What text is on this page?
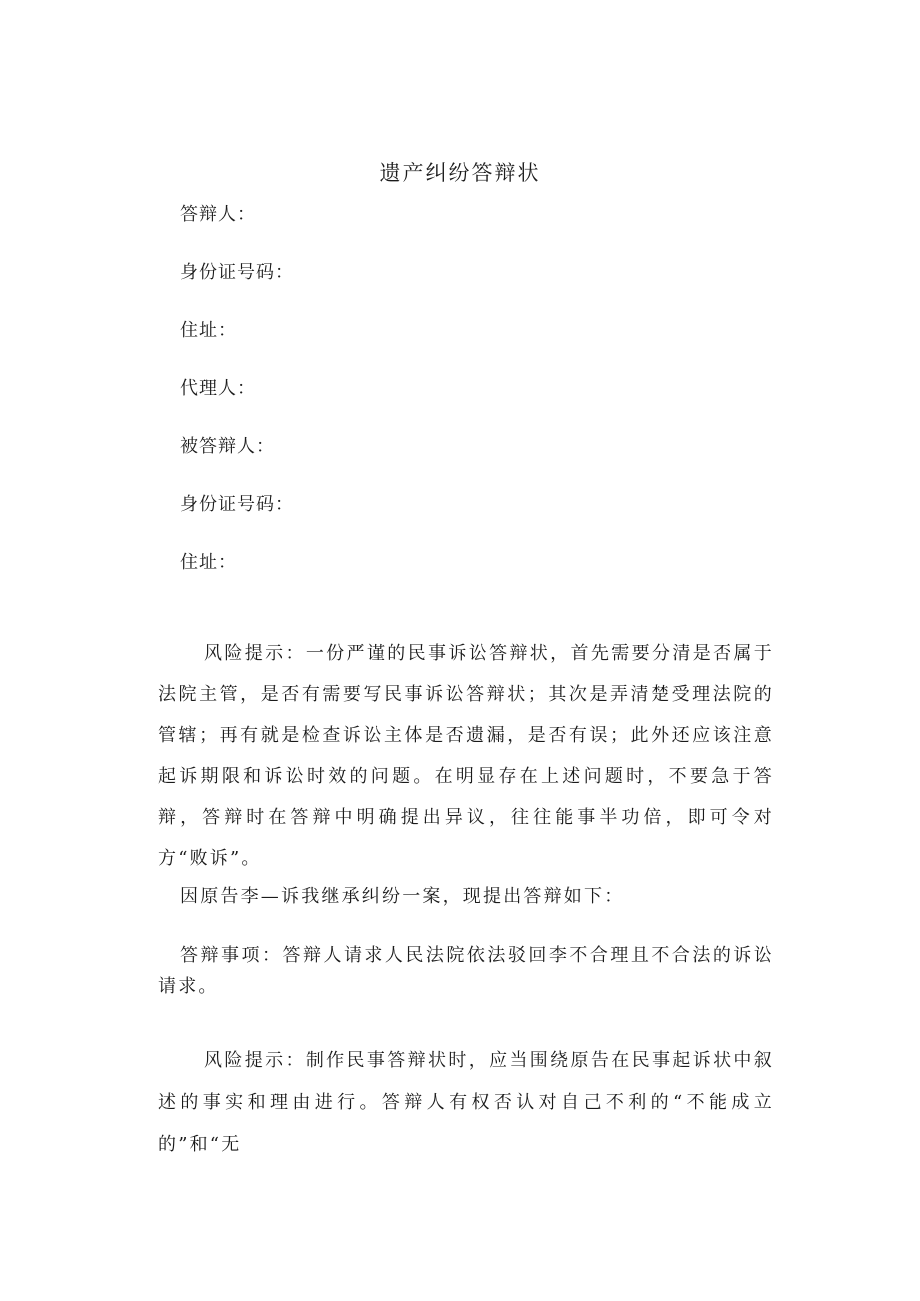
遗产纠纷答辩状
答辩人：
身份证号码：
住址：
代理人：
被答辩人：
身份证号码：
住址：
风险提示：一份严谨的民事诉讼答辩状，首先需要分清是否属于法院主管，是否有需要写民事诉讼答辩状；其次是弄清楚受理法院的管辖；再有就是检查诉讼主体是否遗漏，是否有误；此外还应该注意起诉期限和诉讼时效的问题。在明显存在上述问题时，不要急于答辩，答辩时在答辩中明确提出异议，往往能事半功倍，即可令对方“败诉”。
因原告李—诉我继承纠纷一案，现提出答辩如下：
答辩事项：答辩人请求人民法院依法驳回李不合理且不合法的诉讼请求。
风险提示：制作民事答辩状时，应当围绕原告在民事起诉状中叙述的事实和理由进行。答辩人有权否认对自己不利的“不能成立的”和“无
